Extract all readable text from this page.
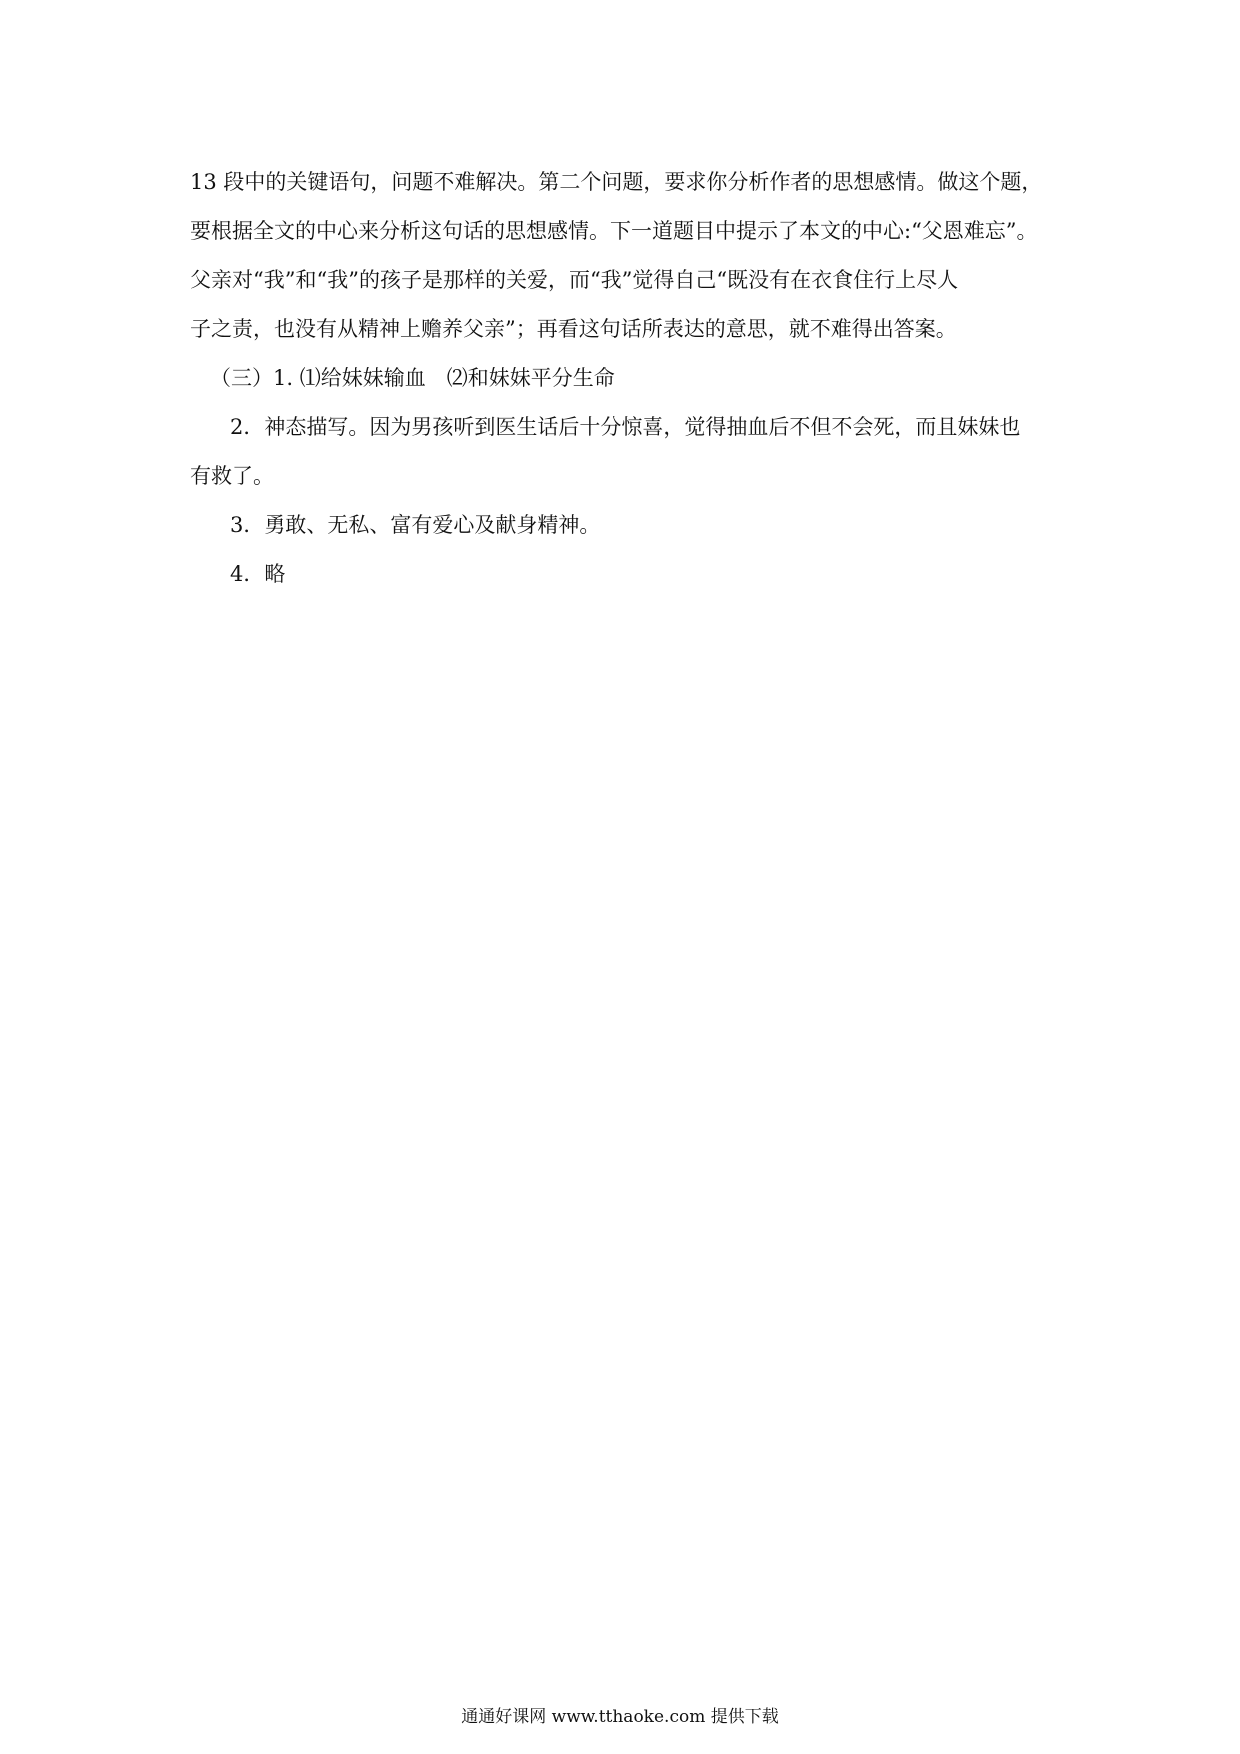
13 段中的关键语句，问题不难解决。第二个问题，要求你分析作者的思想感情。做这个题，

要根据全文的中心来分析这句话的思想感情。下一道题目中提示了本文的中心:“父恩难忘”。

父亲对“我”和“我”的孩子是那样的关爱，而“我”觉得自己“既没有在衣食住行上尽人

子之责，也没有从精神上赡养父亲”；再看这句话所表达的意思，就不难得出答案。

（三）1. ⑴给妹妹输血　⑵和妹妹平分生命

2．神态描写。因为男孩听到医生话后十分惊喜，觉得抽血后不但不会死，而且妹妹也

有救了。

3．勇敢、无私、富有爱心及献身精神。

4．略

通通好课网 www.tthaoke.com 提供下载
